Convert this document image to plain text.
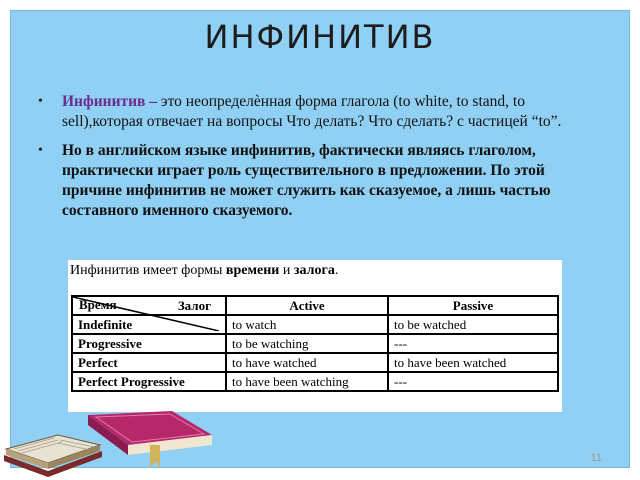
ИНФИНИТИВ
• Инфинитив – это неопределѐнная форма глагола (to white, to stand, to sell),которая отвечает на вопросы Что делать? Что сделать? с частицей “to”.
• Но в английском языке инфинитив, фактически являясь глаголом, практически играет роль существительного в предложении. По этой причине инфинитив не может служить как сказуемое, а лишь частью составного именного сказуемого.
Инфинитив имеет формы времени и залога.
Залог
Время	Active	Passive
Indefinite	to watch	to be watched
Progressive	to be watching	---
Perfect	to have watched	to have been watched
Perfect Progressive	to have been watching	---
11
